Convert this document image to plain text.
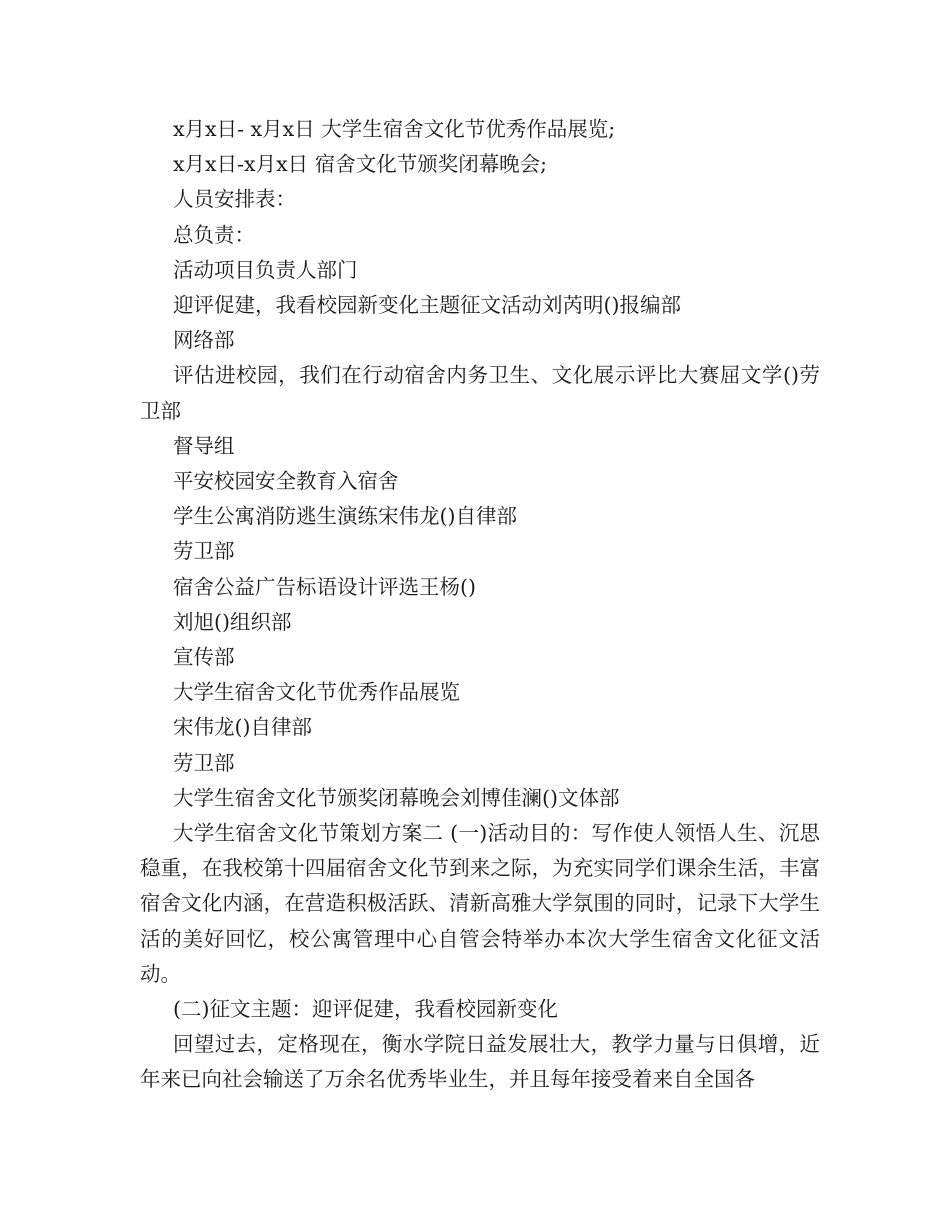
x月x日- x月x日 大学生宿舍文化节优秀作品展览;

x月x日-x月x日 宿舍文化节颁奖闭幕晚会;

人员安排表：

总负责：

活动项目负责人部门

迎评促建，我看校园新变化主题征文活动刘芮明()报编部

网络部

评估进校园，我们在行动宿舍内务卫生、文化展示评比大赛屈文学()劳卫部

督导组

平安校园安全教育入宿舍

学生公寓消防逃生演练宋伟龙()自律部

劳卫部

宿舍公益广告标语设计评选王杨()

刘旭()组织部

宣传部

大学生宿舍文化节优秀作品展览

宋伟龙()自律部

劳卫部

大学生宿舍文化节颁奖闭幕晚会刘博佳澜()文体部

大学生宿舍文化节策划方案二 (一)活动目的：写作使人领悟人生、沉思稳重，在我校第十四届宿舍文化节到来之际，为充实同学们课余生活，丰富宿舍文化内涵，在营造积极活跃、清新高雅大学氛围的同时，记录下大学生活的美好回忆，校公寓管理中心自管会特举办本次大学生宿舍文化征文活动。

(二)征文主题：迎评促建，我看校园新变化

回望过去，定格现在，衡水学院日益发展壮大，教学力量与日俱增，近年来已向社会输送了万余名优秀毕业生，并且每年接受着来自全国各
